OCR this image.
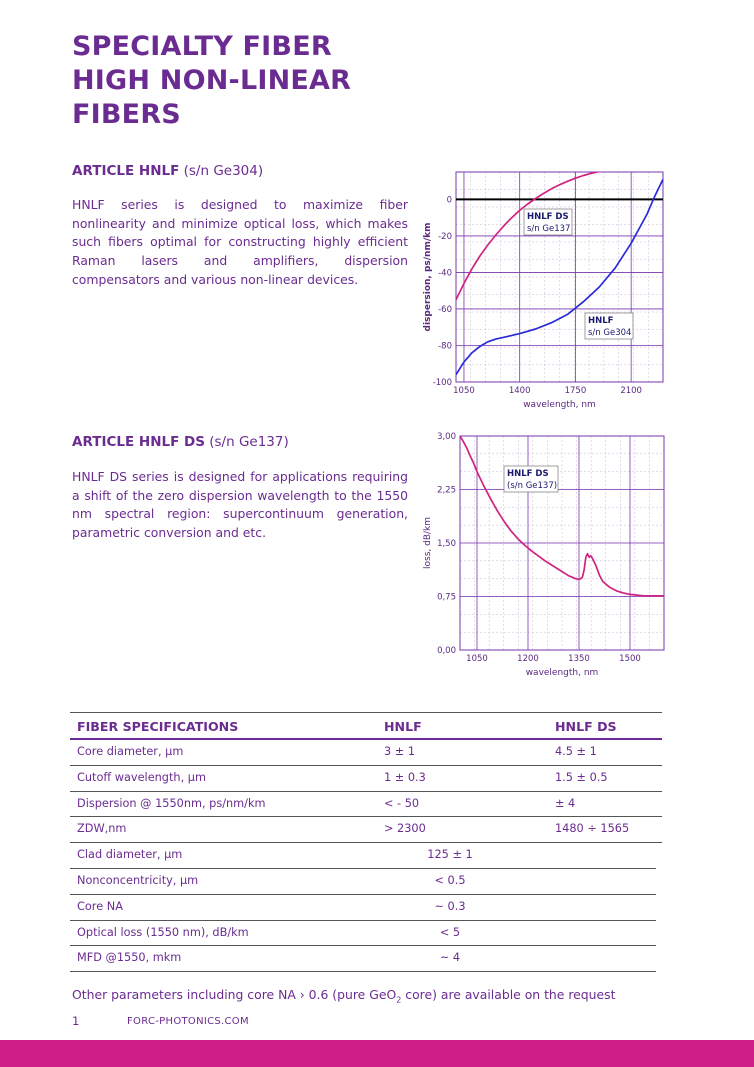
SPECIALTY FIBER
HIGH NON-LINEAR
FIBERS
ARTICLE HNLF (s/n Ge304)
HNLF series is designed to maximize fiber nonlinearity and minimize optical loss, which makes such fibers optimal for constructing highly efficient Raman lasers and amplifiers, dispersion compensators and various non-linear devices.
ARTICLE HNLF DS (s/n Ge137)
HNLF DS series is designed for applications requiring a shift of the zero dispersion wavelength to the 1550 nm spectral region: supercontinuum generation, parametric conversion and etc.
1050	1400	1750	2100
0
-20
-40
-60
-80
-100
wavelength, nm
dispersion, ps/nm/km
HNLF DS
s/n Ge137
HNLF
s/n Ge304
1050	1200	1350	1500
3,00
2,25
1,50
0,75
0,00
wavelength, nm
loss, dB/km
HNLF DS
(s/n Ge137)
FIBER SPECIFICATIONS	HNLF	HNLF DS
Core diameter, µm	3 ± 1	4.5 ± 1
Cutoff wavelength, µm	1 ± 0.3	1.5 ± 0.5
Dispersion @ 1550nm, ps/nm/km	< - 50	± 4
ZDW,nm	> 2300	1480 ÷ 1565
Clad diameter, µm	125 ± 1
Nonconcentricity, µm	< 0.5
Core NA	~ 0.3
Optical loss (1550 nm), dB/km	< 5
MFD @1550, mkm	~ 4
Other parameters including core NA › 0.6 (pure GeO$_2$ core) are available on the request
1	FORC-PHOTONICS.COM
